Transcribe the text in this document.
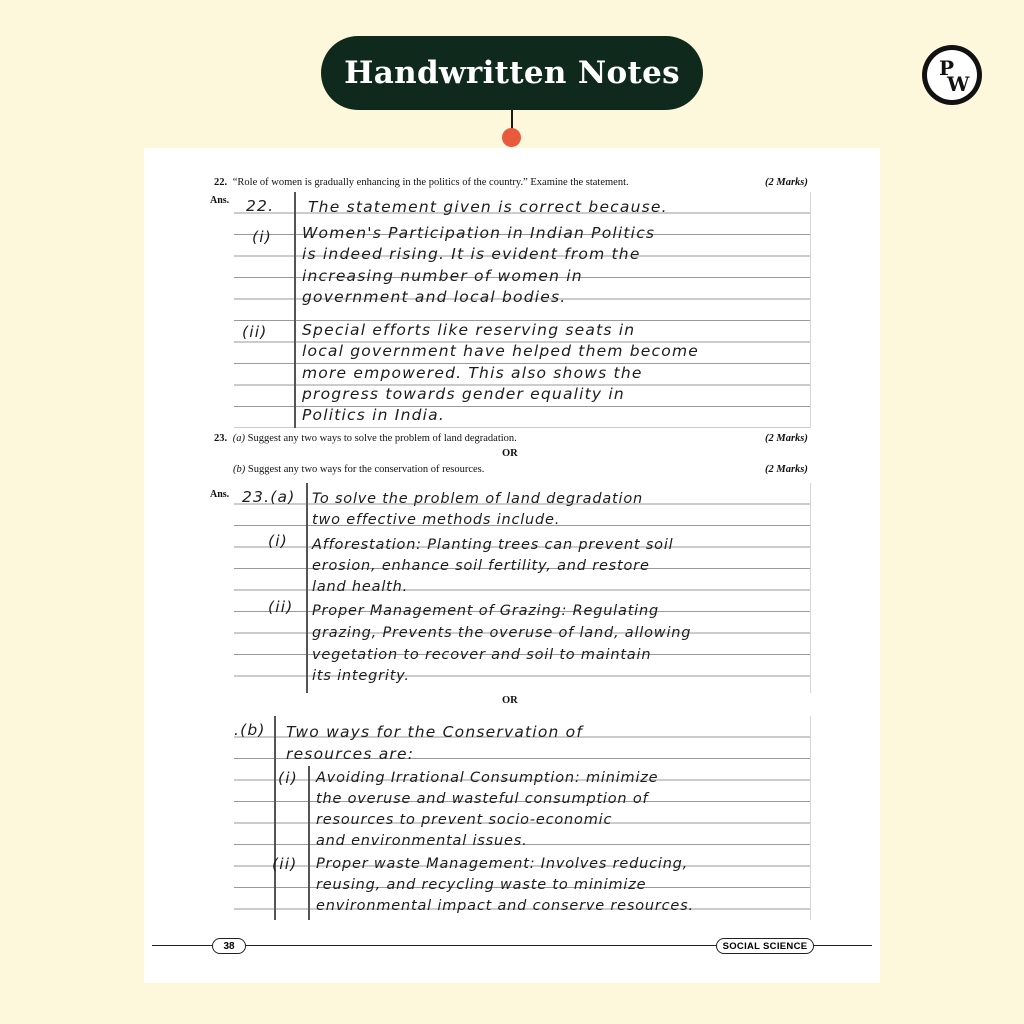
Handwritten Notes	P
W
22. “Role of women is gradually enhancing in the politics of the country.” Examine the statement.	(2 Marks)
Ans. 22.
(i)
(ii)
The statement given is correct because.
Women's Participation in Indian Politics
is indeed rising. It is evident from the
increasing number of women in
government and local bodies.
Special efforts like reserving seats in
local government have helped them become
more empowered. This also shows the
progress towards gender equality in
Politics in India.
23. (a) Suggest any two ways to solve the problem of land degradation.	(2 Marks)
OR
(b) Suggest any two ways for the conservation of resources.	(2 Marks)
Ans. 23.(a)
(i)
(ii)
To solve the problem of land degradation
two effective methods include.
Afforestation: Planting trees can prevent soil
erosion, enhance soil fertility, and restore
land health.
Proper Management of Grazing: Regulating
grazing, Prevents the overuse of land, allowing
vegetation to recover and soil to maintain
its integrity.
OR
.(b)
(i)
(ii)
Two ways for the Conservation of
resources are:
Avoiding Irrational Consumption: minimize
the overuse and wasteful consumption of
resources to prevent socio-economic
and environmental issues.
Proper waste Management: Involves reducing,
reusing, and recycling waste to minimize
environmental impact and conserve resources.
38	SOCIAL SCIENCE
